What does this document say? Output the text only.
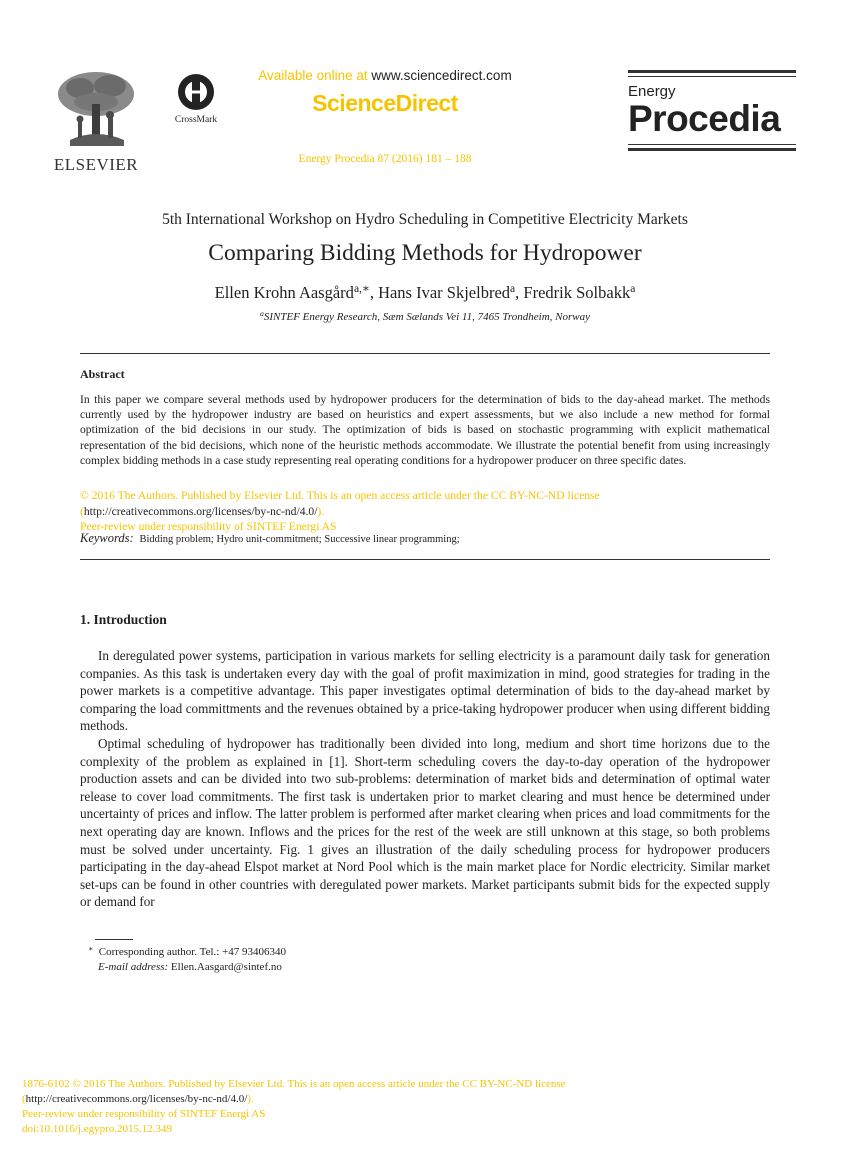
ELSEVIER
CrossMark
Available online at www.sciencedirect.com
ScienceDirect
Energy Procedia 87 (2016) 181 – 188
Energy
Procedia
5th International Workshop on Hydro Scheduling in Competitive Electricity Markets
Comparing Bidding Methods for Hydropower
Ellen Krohn Aasgård$^{a,∗}$, Hans Ivar Skjelbred$^a$, Fredrik Solbakk$^a$
$^a$SINTEF Energy Research, Sæm Sælands Vei 11, 7465 Trondheim, Norway
Abstract
In this paper we compare several methods used by hydropower producers for the determination of bids to the day-ahead market. The methods currently used by the hydropower industry are based on heuristics and expert assessments, but we also include a new method for formal optimization of the bid decisions in our study. The optimization of bids is based on stochastic programming with explicit mathematical representation of the bid decisions, which none of the heuristic methods accommodate. We illustrate the potential benefit from using increasingly complex bidding methods in a case study representing real operating conditions for a hydropower producer on three specific dates.
© 2016 The Authors. Published by Elsevier Ltd. This is an open access article under the CC BY-NC-ND license
(http://creativecommons.org/licenses/by-nc-nd/4.0/).
Peer-review under responsibility of SINTEF Energi AS
Keywords: Bidding problem; Hydro unit-commitment; Successive linear programming;
1. Introduction
In deregulated power systems, participation in various markets for selling electricity is a paramount daily task for generation companies. As this task is undertaken every day with the goal of profit maximization in mind, good strategies for trading in the power markets is a competitive advantage. This paper investigates optimal determination of bids to the day-ahead market by comparing the load committments and the revenues obtained by a price-taking hydropower producer when using different bidding methods.
Optimal scheduling of hydropower has traditionally been divided into long, medium and short time horizons due to the complexity of the problem as explained in [1]. Short-term scheduling covers the day-to-day operation of the hydropower production assets and can be divided into two sub-problems: determination of market bids and determination of optimal water release to cover load commitments. The first task is undertaken prior to market clearing and must hence be determined under uncertainty of prices and inflow. The latter problem is performed after market clearing when prices and load commitments for the next operating day are known. Inflows and the prices for the rest of the week are still unknown at this stage, so both problems must be solved under uncertainty. Fig. 1 gives an illustration of the daily scheduling process for hydropower producers participating in the day-ahead Elspot market at Nord Pool which is the main market place for Nordic electricity. Similar market set-ups can be found in other countries with deregulated power markets. Market participants submit bids for the expected supply or demand for
∗ Corresponding author. Tel.: +47 93406340
E-mail address: Ellen.Aasgard@sintef.no
1876-6102 © 2016 The Authors. Published by Elsevier Ltd. This is an open access article under the CC BY-NC-ND license
(http://creativecommons.org/licenses/by-nc-nd/4.0/).
Peer-review under responsibility of SINTEF Energi AS
doi:10.1016/j.egypro.2015.12.349
